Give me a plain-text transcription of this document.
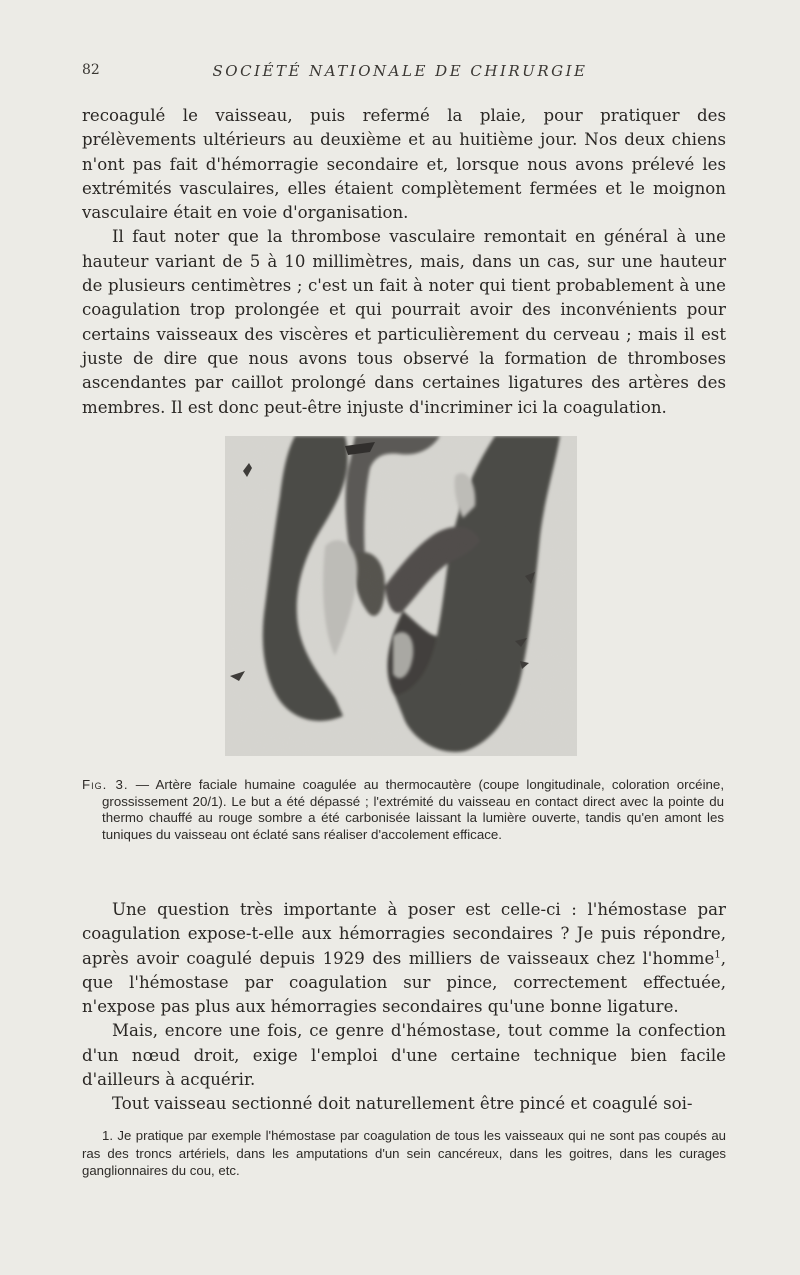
82	SOCIÉTÉ NATIONALE DE CHIRURGIE

recoagulé le vaisseau, puis refermé la plaie, pour pratiquer des prélèvements ultérieurs au deuxième et au huitième jour. Nos deux chiens n'ont pas fait d'hémorragie secondaire et, lorsque nous avons prélevé les extrémités vasculaires, elles étaient complètement fermées et le moignon vasculaire était en voie d'organisation.

Il faut noter que la thrombose vasculaire remontait en général à une hauteur variant de 5 à 10 millimètres, mais, dans un cas, sur une hauteur de plusieurs centimètres ; c'est un fait à noter qui tient probablement à une coagulation trop prolongée et qui pourrait avoir des inconvénients pour certains vaisseaux des viscères et particulièrement du cerveau ; mais il est juste de dire que nous avons tous observé la formation de thromboses ascendantes par caillot prolongé dans certaines ligatures des artères des membres. Il est donc peut-être injuste d'incriminer ici la coagulation.

Fig. 3. — Artère faciale humaine coagulée au thermocautère (coupe longitudinale, coloration orcéine, grossissement 20/1). Le but a été dépassé ; l'extrémité du vaisseau en contact direct avec la pointe du thermo chauffé au rouge sombre a été carbonisée laissant la lumière ouverte, tandis qu'en amont les tuniques du vaisseau ont éclaté sans réaliser d'accolement efficace.

Une question très importante à poser est celle-ci : l'hémostase par coagulation expose-t-elle aux hémorragies secondaires ? Je puis répondre, après avoir coagulé depuis 1929 des milliers de vaisseaux chez l'homme$^1$, que l'hémostase par coagulation sur pince, correctement effectuée, n'expose pas plus aux hémorragies secondaires qu'une bonne ligature.

Mais, encore une fois, ce genre d'hémostase, tout comme la confection d'un nœud droit, exige l'emploi d'une certaine technique bien facile d'ailleurs à acquérir.

Tout vaisseau sectionné doit naturellement être pincé et coagulé soi-

1. Je pratique par exemple l'hémostase par coagulation de tous les vaisseaux qui ne sont pas coupés au ras des troncs artériels, dans les amputations d'un sein cancéreux, dans les goitres, dans les curages ganglionnaires du cou, etc.
